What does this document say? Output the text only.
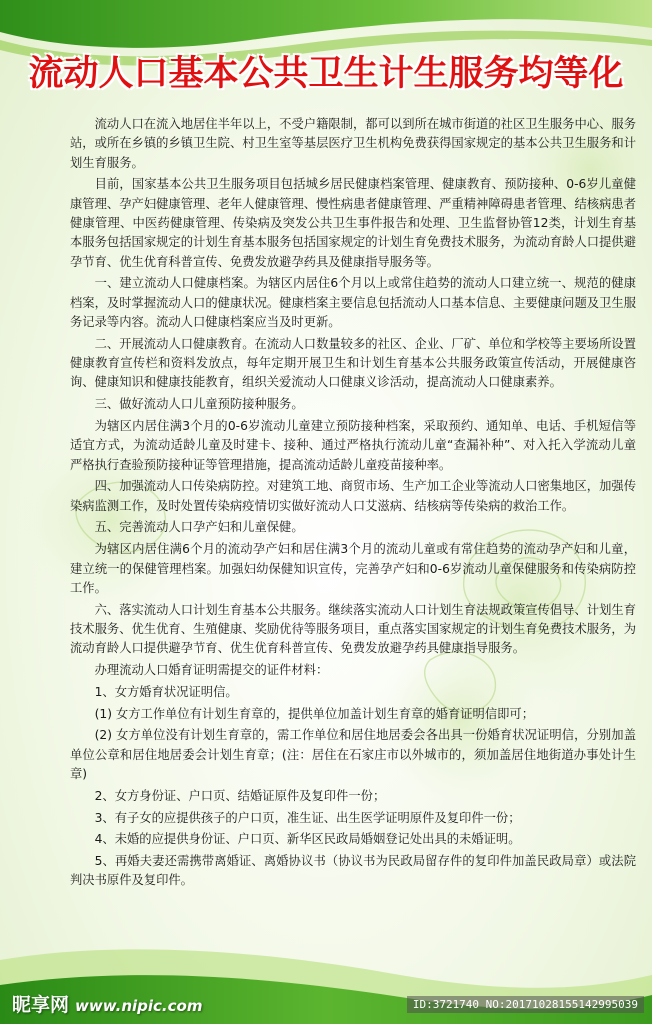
流动人口基本公共卫生计生服务均等化

流动人口在流入地居住半年以上，不受户籍限制，都可以到所在城市街道的社区卫生服务中心、服务站，或所在乡镇的乡镇卫生院、村卫生室等基层医疗卫生机构免费获得国家规定的基本公共卫生服务和计划生育服务。

目前，国家基本公共卫生服务项目包括城乡居民健康档案管理、健康教育、预防接种、0-6岁儿童健康管理、孕产妇健康管理、老年人健康管理、慢性病患者健康管理、严重精神障碍患者管理、结核病患者健康管理、中医药健康管理、传染病及突发公共卫生事件报告和处理、卫生监督协管12类，计划生育基本服务包括国家规定的计划生育基本服务包括国家规定的计划生育免费技术服务，为流动育龄人口提供避孕节育、优生优育科普宣传、免费发放避孕药具及健康指导服务等。

一、建立流动人口健康档案。为辖区内居住6个月以上或常住趋势的流动人口建立统一、规范的健康档案，及时掌握流动人口的健康状况。健康档案主要信息包括流动人口基本信息、主要健康问题及卫生服务记录等内容。流动人口健康档案应当及时更新。

二、开展流动人口健康教育。在流动人口数量较多的社区、企业、厂矿、单位和学校等主要场所设置健康教育宣传栏和资料发放点，每年定期开展卫生和计划生育基本公共服务政策宣传活动，开展健康咨询、健康知识和健康技能教育，组织关爱流动人口健康义诊活动，提高流动人口健康素养。

三、做好流动人口儿童预防接种服务。

为辖区内居住满3个月的0-6岁流动儿童建立预防接种档案，采取预约、通知单、电话、手机短信等适宜方式，为流动适龄儿童及时建卡、接种、通过严格执行流动儿童“查漏补种”、对入托入学流动儿童严格执行查验预防接种证等管理措施，提高流动适龄儿童疫苗接种率。

四、加强流动人口传染病防控。对建筑工地、商贸市场、生产加工企业等流动人口密集地区，加强传染病监测工作，及时处置传染病疫情切实做好流动人口艾滋病、结核病等传染病的救治工作。

五、完善流动人口孕产妇和儿童保健。

为辖区内居住满6个月的流动孕产妇和居住满3个月的流动儿童或有常住趋势的流动孕产妇和儿童，建立统一的保健管理档案。加强妇幼保健知识宣传，完善孕产妇和0-6岁流动儿童保健服务和传染病防控工作。

六、落实流动人口计划生育基本公共服务。继续落实流动人口计划生育法规政策宣传倡导、计划生育技术服务、优生优育、生殖健康、奖励优待等服务项目，重点落实国家规定的计划生育免费技术服务，为流动育龄人口提供避孕节育、优生优育科普宣传、免费发放避孕药具健康指导服务。

办理流动人口婚育证明需提交的证件材料：

1、女方婚育状况证明信。

(1) 女方工作单位有计划生育章的，提供单位加盖计划生育章的婚育证明信即可；

(2) 女方单位没有计划生育章的，需工作单位和居住地居委会各出具一份婚育状况证明信，分别加盖单位公章和居住地居委会计划生育章；(注：居住在石家庄市以外城市的，须加盖居住地街道办事处计生章)

2、女方身份证、户口页、结婚证原件及复印件一份；

3、有子女的应提供孩子的户口页，准生证、出生医学证明原件及复印件一份；

4、未婚的应提供身份证、户口页、新华区民政局婚姻登记处出具的未婚证明。

5、再婚夫妻还需携带离婚证、离婚协议书（协议书为民政局留存件的复印件加盖民政局章）或法院判决书原件及复印件。

昵享网 www.nipic.com	ID:3721740 NO:20171028155142995039
